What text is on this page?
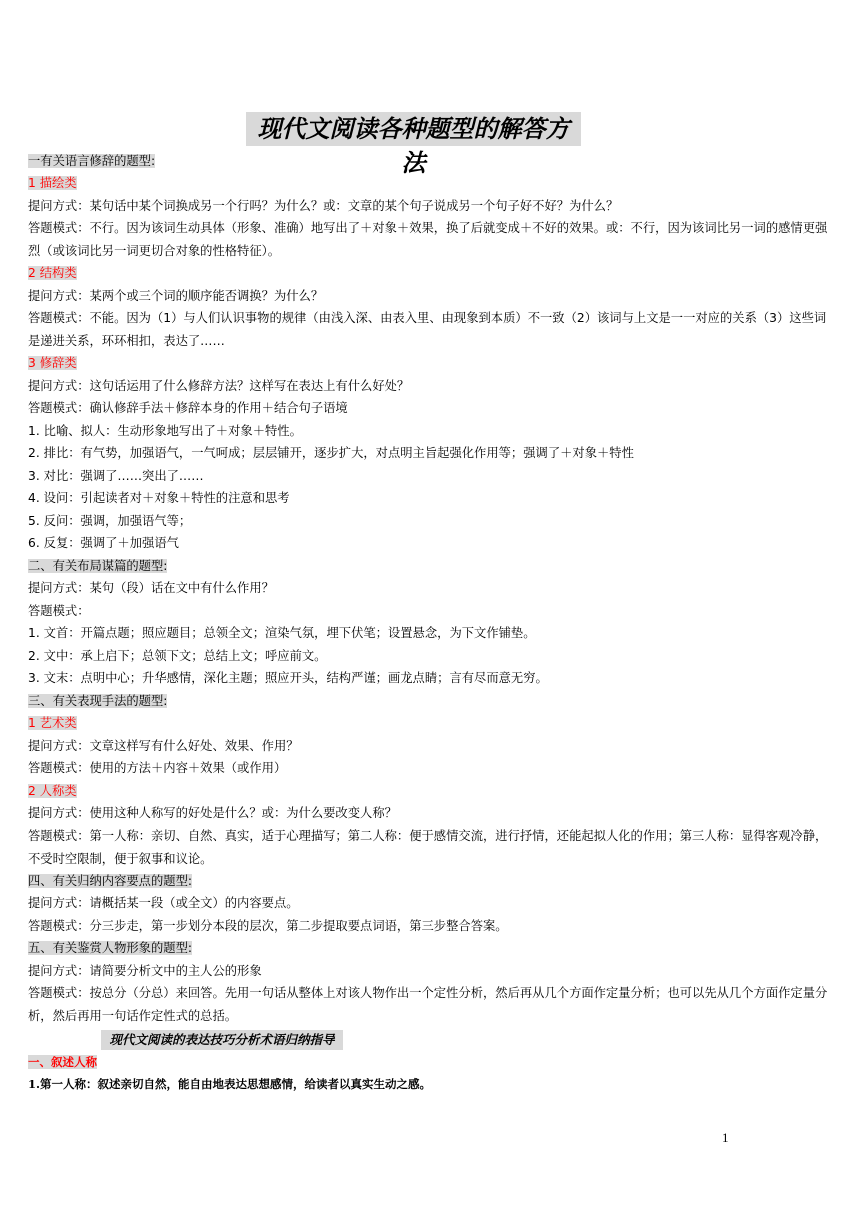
现代文阅读各种题型的解答方法
一有关语言修辞的题型:
1 描绘类
提问方式：某句话中某个词换成另一个行吗？为什么？或：文章的某个句子说成另一个句子好不好？为什么？
答题模式：不行。因为该词生动具体（形象、准确）地写出了＋对象＋效果，换了后就变成＋不好的效果。或：不行，因为该词比另一词的感情更强烈（或该词比另一词更切合对象的性格特征）。
2 结构类
提问方式：某两个或三个词的顺序能否调换？为什么？
答题模式：不能。因为（1）与人们认识事物的规律（由浅入深、由表入里、由现象到本质）不一致（2）该词与上文是一一对应的关系（3）这些词是递进关系，环环相扣，表达了……
3 修辞类
提问方式：这句话运用了什么修辞方法？这样写在表达上有什么好处？
答题模式：确认修辞手法＋修辞本身的作用＋结合句子语境
1. 比喻、拟人：生动形象地写出了＋对象＋特性。
2. 排比：有气势，加强语气，一气呵成；层层铺开，逐步扩大，对点明主旨起强化作用等；强调了＋对象＋特性
3. 对比：强调了……突出了……
4. 设问：引起读者对＋对象＋特性的注意和思考
5. 反问：强调，加强语气等；
6. 反复：强调了＋加强语气
二、有关布局谋篇的题型:
提问方式：某句（段）话在文中有什么作用？
答题模式：
1. 文首：开篇点题；照应题目；总领全文；渲染气氛，埋下伏笔；设置悬念，为下文作铺垫。
2. 文中：承上启下；总领下文；总结上文；呼应前文。
3. 文末：点明中心；升华感情，深化主题；照应开头，结构严谨；画龙点睛；言有尽而意无穷。
三、有关表现手法的题型:
1 艺术类
提问方式：文章这样写有什么好处、效果、作用？
答题模式：使用的方法＋内容＋效果（或作用）
2 人称类
提问方式：使用这种人称写的好处是什么？或：为什么要改变人称？
答题模式：第一人称：亲切、自然、真实，适于心理描写；第二人称：便于感情交流，进行抒情，还能起拟人化的作用；第三人称：显得客观冷静，不受时空限制，便于叙事和议论。
四、有关归纳内容要点的题型:
提问方式：请概括某一段（或全文）的内容要点。
答题模式：分三步走，第一步划分本段的层次，第二步提取要点词语，第三步整合答案。
五、有关鉴赏人物形象的题型:
提问方式：请简要分析文中的主人公的形象
答题模式：按总分（分总）来回答。先用一句话从整体上对该人物作出一个定性分析，然后再从几个方面作定量分析；也可以先从几个方面作定量分析，然后再用一句话作定性式的总括。
现代文阅读的表达技巧分析术语归纳指导
一、叙述人称
1.第一人称：叙述亲切自然，能自由地表达思想感情，给读者以真实生动之感。
1
